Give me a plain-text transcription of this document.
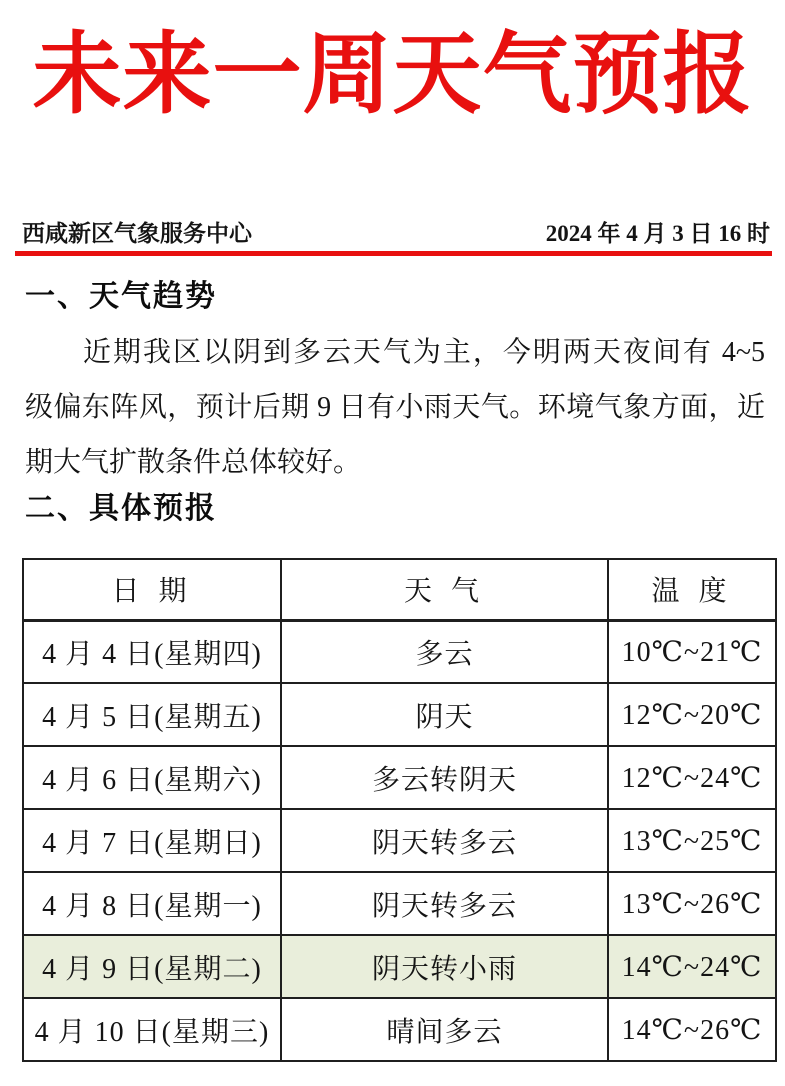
未来一周天气预报
西咸新区气象服务中心	2024 年 4 月 3 日 16 时
一、天气趋势
近期我区以阴到多云天气为主，今明两天夜间有 4~5
级偏东阵风，预计后期 9 日有小雨天气。环境气象方面，近
期大气扩散条件总体较好。
二、具体预报
日 期	天 气	温 度
4 月 4 日(星期四)	多云	10℃~21℃
4 月 5 日(星期五)	阴天	12℃~20℃
4 月 6 日(星期六)	多云转阴天	12℃~24℃
4 月 7 日(星期日)	阴天转多云	13℃~25℃
4 月 8 日(星期一)	阴天转多云	13℃~26℃
4 月 9 日(星期二)	阴天转小雨	14℃~24℃
4 月 10 日(星期三)	晴间多云	14℃~26℃
